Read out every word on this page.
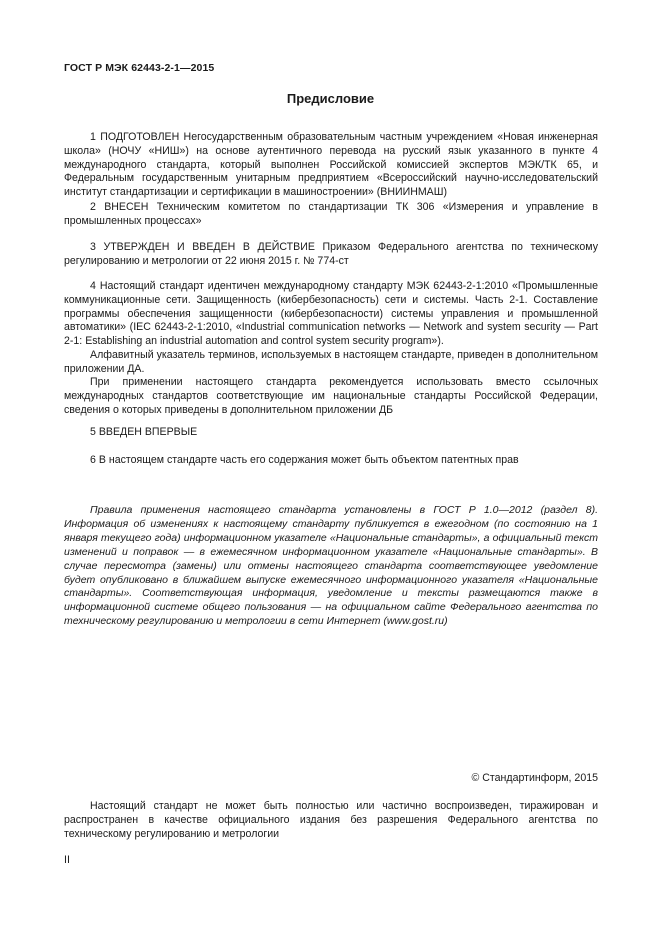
ГОСТ Р МЭК 62443-2-1—2015
Предисловие

1 ПОДГОТОВЛЕН Негосударственным образовательным частным учреждением «Новая инженерная школа» (НОЧУ «НИШ») на основе аутентичного перевода на русский язык указанного в пункте 4 международного стандарта, который выполнен Российской комиссией экспертов МЭК/ТК 65, и Федеральным государственным унитарным предприятием «Всероссийский научно-исследовательский институт стандартизации и сертификации в машиностроении» (ВНИИНМАШ)

2 ВНЕСЕН Техническим комитетом по стандартизации ТК 306 «Измерения и управление в промышленных процессах»

3 УТВЕРЖДЕН И ВВЕДЕН В ДЕЙСТВИЕ Приказом Федерального агентства по техническому регулированию и метрологии от 22 июня 2015 г. № 774-ст

4 Настоящий стандарт идентичен международному стандарту МЭК 62443-2-1:2010 «Промышленные коммуникационные сети. Защищенность (кибербезопасность) сети и системы. Часть 2-1. Составление программы обеспечения защищенности (кибербезопасности) системы управления и промышленной автоматики» (IEC 62443-2-1:2010, «Industrial communication networks — Network and system security — Part 2-1: Establishing an industrial automation and control system security program»).

Алфавитный указатель терминов, используемых в настоящем стандарте, приведен в дополнительном приложении ДА.

При применении настоящего стандарта рекомендуется использовать вместо ссылочных международных стандартов соответствующие им национальные стандарты Российской Федерации, сведения о которых приведены в дополнительном приложении ДБ

5 ВВЕДЕН ВПЕРВЫЕ

6 В настоящем стандарте часть его содержания может быть объектом патентных прав

Правила применения настоящего стандарта установлены в ГОСТ Р 1.0—2012 (раздел 8). Информация об изменениях к настоящему стандарту публикуется в ежегодном (по состоянию на 1 января текущего года) информационном указателе «Национальные стандарты», а официальный текст изменений и поправок — в ежемесячном информационном указателе «Национальные стандарты». В случае пересмотра (замены) или отмены настоящего стандарта соответствующее уведомление будет опубликовано в ближайшем выпуске ежемесячного информационного указателя «Национальные стандарты». Соответствующая информация, уведомление и тексты размещаются также в информационной системе общего пользования — на официальном сайте Федерального агентства по техническому регулированию и метрологии в сети Интернет (www.gost.ru)

© Стандартинформ, 2015

Настоящий стандарт не может быть полностью или частично воспроизведен, тиражирован и распространен в качестве официального издания без разрешения Федерального агентства по техническому регулированию и метрологии

II
